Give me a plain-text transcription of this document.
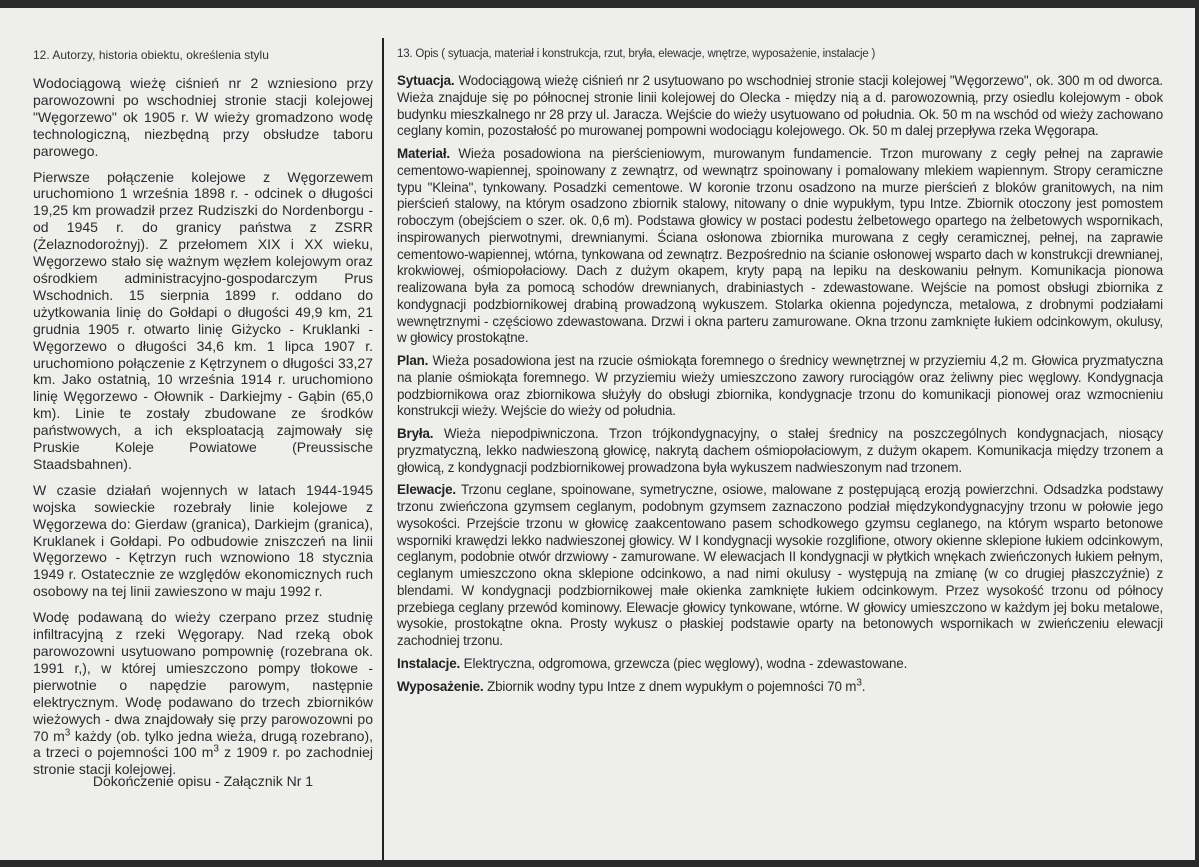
12. Autorzy, historia obiektu, określenia stylu

Wodociągową wieżę ciśnień nr 2 wzniesiono przy parowozowni po wschodniej stronie stacji kolejowej "Węgorzewo" ok 1905 r. W wieży gromadzono wodę technologiczną, niezbędną przy obsłudze taboru parowego.

Pierwsze połączenie kolejowe z Węgorzewem uruchomiono 1 września 1898 r. - odcinek o długości 19,25 km prowadził przez Rudziszki do Nordenborgu - od 1945 r. do granicy państwa z ZSRR (Żelaznodorożnyj). Z przełomem XIX i XX wieku, Węgorzewo stało się ważnym węzłem kolejowym oraz ośrodkiem administracyjno-gospodarczym Prus Wschodnich. 15 sierpnia 1899 r. oddano do użytkowania linię do Gołdapi o długości 49,9 km, 21 grudnia 1905 r. otwarto linię Giżycko - Kruklanki - Węgorzewo o długości 34,6 km. 1 lipca 1907 r. uruchomiono połączenie z Kętrzynem o długości 33,27 km. Jako ostatnią, 10 września 1914 r. uruchomiono linię Węgorzewo - Ołownik - Darkiejmy - Gąbin (65,0 km). Linie te zostały zbudowane ze środków państwowych, a ich eksploatacją zajmowały się Pruskie Koleje Powiatowe (Preussische Staadsbahnen).

W czasie działań wojennych w latach 1944-1945 wojska sowieckie rozebrały linie kolejowe z Węgorzewa do: Gierdaw (granica), Darkiejm (granica), Kruklanek i Gołdapi. Po odbudowie zniszczeń na linii Węgorzewo - Kętrzyn ruch wznowiono 18 stycznia 1949 r. Ostatecznie ze względów ekonomicznych ruch osobowy na tej linii zawieszono w maju 1992 r.

Wodę podawaną do wieży czerpano przez studnię infiltracyjną z rzeki Węgorapy. Nad rzeką obok parowozowni usytuowano pompownię (rozebrana ok. 1991 r,), w której umieszczono pompy tłokowe - pierwotnie o napędzie parowym, następnie elektrycznym. Wodę podawano do trzech zbiorników wieżowych - dwa znajdowały się przy parowozowni po 70 $m^3$ każdy (ob. tylko jedna wieża, drugą rozebrano), a trzeci o pojemności 100 $m^3$ z 1909 r. po zachodniej stronie stacji kolejowej.

Dokończenie opisu - Załącznik Nr 1
13. Opis ( sytuacja, materiał i konstrukcja, rzut, bryła, elewacje, wnętrze, wyposażenie, instalacje )

Sytuacja. Wodociągową wieżę ciśnień nr 2 usytuowano po wschodniej stronie stacji kolejowej "Węgorzewo", ok. 300 m od dworca. Wieża znajduje się po północnej stronie linii kolejowej do Olecka - między nią a d. parowozownią, przy osiedlu kolejowym - obok budynku mieszkalnego nr 28 przy ul. Jaracza. Wejście do wieży usytuowano od południa. Ok. 50 m na wschód od wieży zachowano ceglany komin, pozostałość po murowanej pompowni wodociągu kolejowego. Ok. 50 m dalej przepływa rzeka Węgorapa.

Materiał. Wieża posadowiona na pierścieniowym, murowanym fundamencie. Trzon murowany z cegły pełnej na zaprawie cementowo-wapiennej, spoinowany z zewnątrz, od wewnątrz spoinowany i pomalowany mlekiem wapiennym. Stropy ceramiczne typu "Kleina", tynkowany. Posadzki cementowe. W koronie trzonu osadzono na murze pierścień z bloków granitowych, na nim pierścień stalowy, na którym osadzono zbiornik stalowy, nitowany o dnie wypukłym, typu Intze. Zbiornik otoczony jest pomostem roboczym (obejściem o szer. ok. 0,6 m). Podstawa głowicy w postaci podestu żelbetowego opartego na żelbetowych wspornikach, inspirowanych pierwotnymi, drewnianymi. Ściana osłonowa zbiornika murowana z cegły ceramicznej, pełnej, na zaprawie cementowo-wapiennej, wtórna, tynkowana od zewnątrz. Bezpośrednio na ścianie osłonowej wsparto dach w konstrukcji drewnianej, krokwiowej, ośmiopołaciowy. Dach z dużym okapem, kryty papą na lepiku na deskowaniu pełnym. Komunikacja pionowa realizowana była za pomocą schodów drewnianych, drabiniastych - zdewastowane. Wejście na pomost obsługi zbiornika z kondygnacji podzbiornikowej drabiną prowadzoną wykuszem. Stolarka okienna pojedyncza, metalowa, z drobnymi podziałami wewnętrznymi - częściowo zdewastowana. Drzwi i okna parteru zamurowane. Okna trzonu zamknięte łukiem odcinkowym, okulusy, w głowicy prostokątne.

Plan. Wieża posadowiona jest na rzucie ośmiokąta foremnego o średnicy wewnętrznej w przyziemiu 4,2 m. Głowica pryzmatyczna na planie ośmiokąta foremnego. W przyziemiu wieży umieszczono zawory rurociągów oraz żeliwny piec węglowy. Kondygnacja podzbiornikowa oraz zbiornikowa służyły do obsługi zbiornika, kondygnacje trzonu do komunikacji pionowej oraz wzmocnieniu konstrukcji wieży. Wejście do wieży od południa.

Bryła. Wieża niepodpiwniczona. Trzon trójkondygnacyjny, o stałej średnicy na poszczególnych kondygnacjach, niosący pryzmatyczną, lekko nadwieszoną głowicę, nakrytą dachem ośmiopołaciowym, z dużym okapem. Komunikacja między trzonem a głowicą, z kondygnacji podzbiornikowej prowadzona była wykuszem nadwieszonym nad trzonem.

Elewacje. Trzonu ceglane, spoinowane, symetryczne, osiowe, malowane z postępującą erozją powierzchni. Odsadzka podstawy trzonu zwieńczona gzymsem ceglanym, podobnym gzymsem zaznaczono podział międzykondygnacyjny trzonu w połowie jego wysokości. Przejście trzonu w głowicę zaakcentowano pasem schodkowego gzymsu ceglanego, na którym wsparto betonowe wsporniki krawędzi lekko nadwieszonej głowicy. W I kondygnacji wysokie rozglifione, otwory okienne sklepione łukiem odcinkowym, ceglanym, podobnie otwór drzwiowy - zamurowane. W elewacjach II kondygnacji w płytkich wnękach zwieńczonych łukiem pełnym, ceglanym umieszczono okna sklepione odcinkowo, a nad nimi okulusy - występują na zmianę (w co drugiej płaszczyźnie) z blendami. W kondygnacji podzbiornikowej małe okienka zamknięte łukiem odcinkowym. Przez wysokość trzonu od północy przebiega ceglany przewód kominowy. Elewacje głowicy tynkowane, wtórne. W głowicy umieszczono w każdym jej boku metalowe, wysokie, prostokątne okna. Prosty wykusz o płaskiej podstawie oparty na betonowych wspornikach w zwieńczeniu elewacji zachodniej trzonu.

Instalacje. Elektryczna, odgromowa, grzewcza (piec węglowy), wodna - zdewastowane.

Wyposażenie. Zbiornik wodny typu Intze z dnem wypukłym o pojemności 70 $m^3$.
